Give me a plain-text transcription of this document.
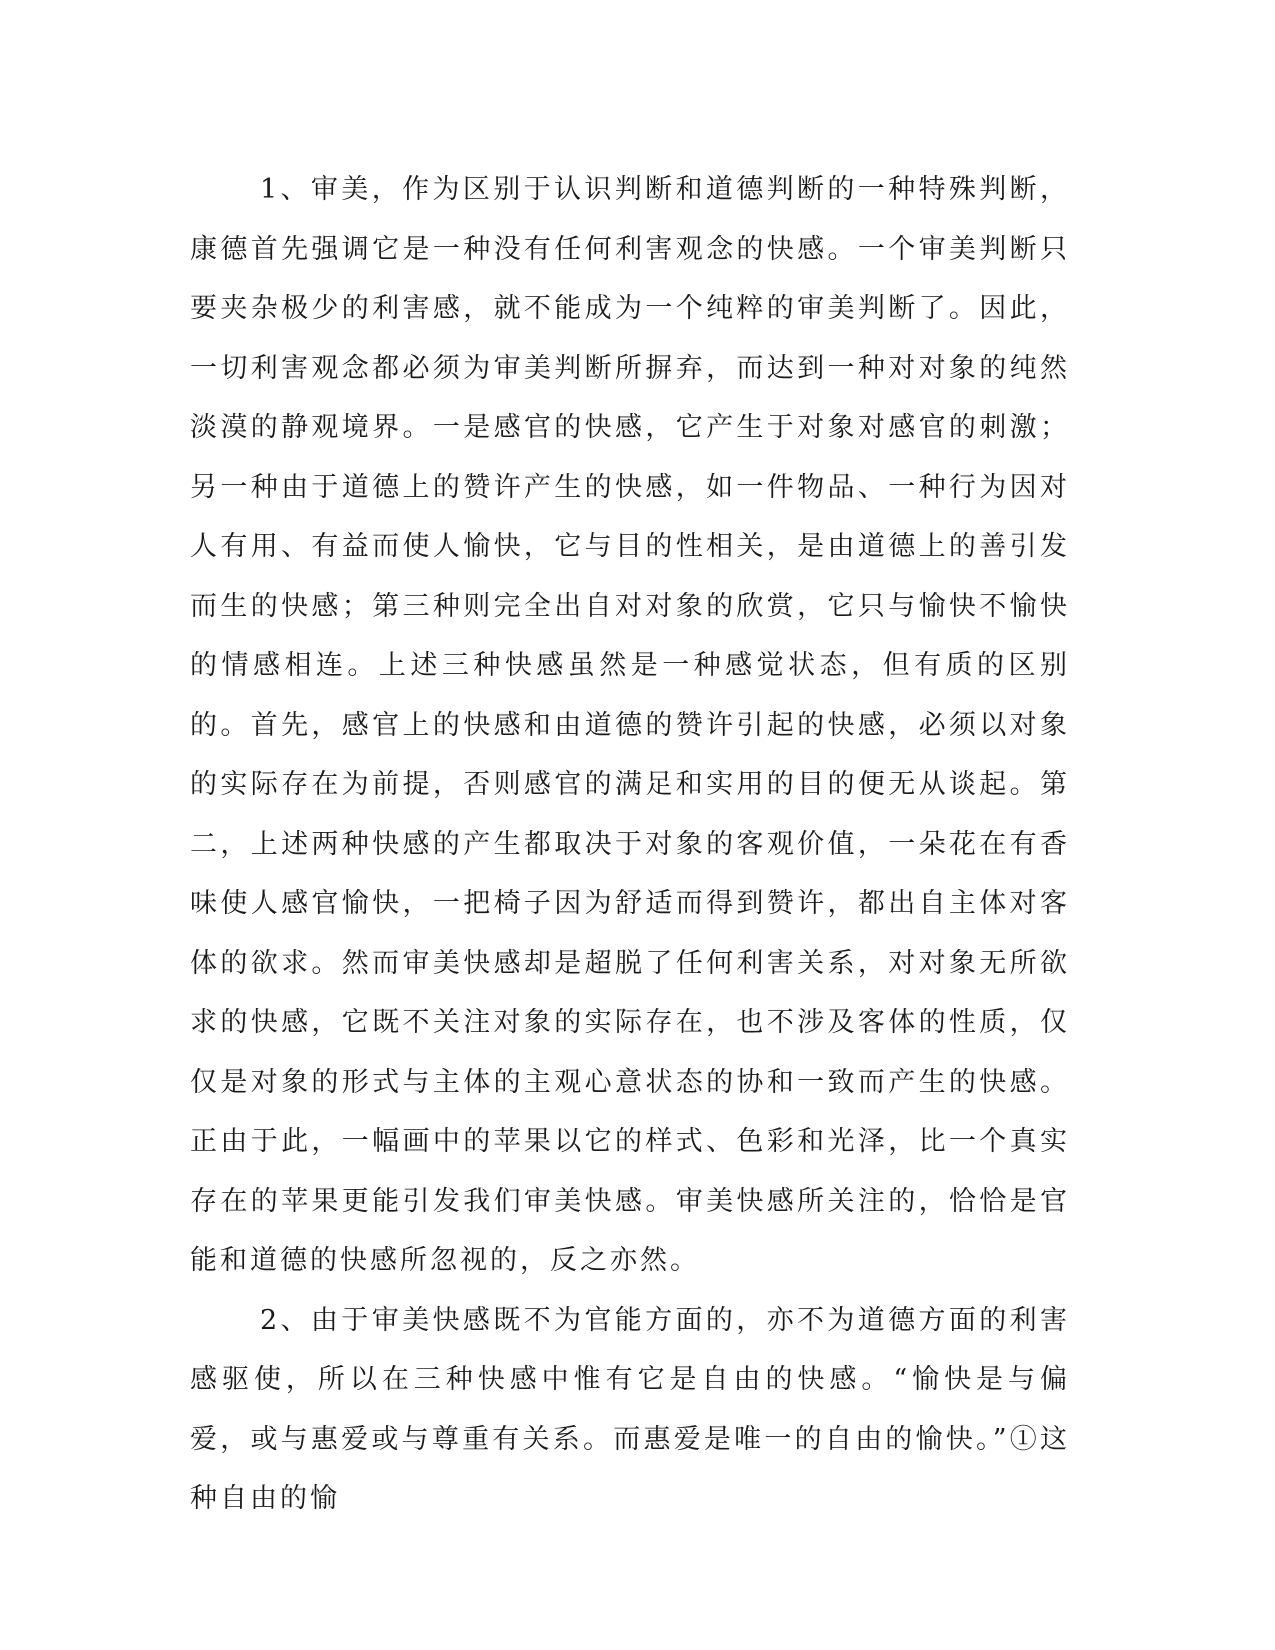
1、审美，作为区别于认识判断和道德判断的一种特殊判断，康德首先强调它是一种没有任何利害观念的快感。一个审美判断只要夹杂极少的利害感，就不能成为一个纯粹的审美判断了。因此，一切利害观念都必须为审美判断所摒弃，而达到一种对对象的纯然淡漠的静观境界。一是感官的快感，它产生于对象对感官的刺激；另一种由于道德上的赞许产生的快感，如一件物品、一种行为因对人有用、有益而使人愉快，它与目的性相关，是由道德上的善引发而生的快感；第三种则完全出自对对象的欣赏，它只与愉快不愉快的情感相连。上述三种快感虽然是一种感觉状态，但有质的区别的。首先，感官上的快感和由道德的赞许引起的快感，必须以对象的实际存在为前提，否则感官的满足和实用的目的便无从谈起。第二，上述两种快感的产生都取决于对象的客观价值，一朵花在有香味使人感官愉快，一把椅子因为舒适而得到赞许，都出自主体对客体的欲求。然而审美快感却是超脱了任何利害关系，对对象无所欲求的快感，它既不关注对象的实际存在，也不涉及客体的性质，仅仅是对象的形式与主体的主观心意状态的协和一致而产生的快感。正由于此，一幅画中的苹果以它的样式、色彩和光泽，比一个真实存在的苹果更能引发我们审美快感。审美快感所关注的，恰恰是官能和道德的快感所忽视的，反之亦然。

2、由于审美快感既不为官能方面的，亦不为道德方面的利害感驱使，所以在三种快感中惟有它是自由的快感。“愉快是与偏爱，或与惠爱或与尊重有关系。而惠爱是唯一的自由的愉快。”①这种自由的愉
